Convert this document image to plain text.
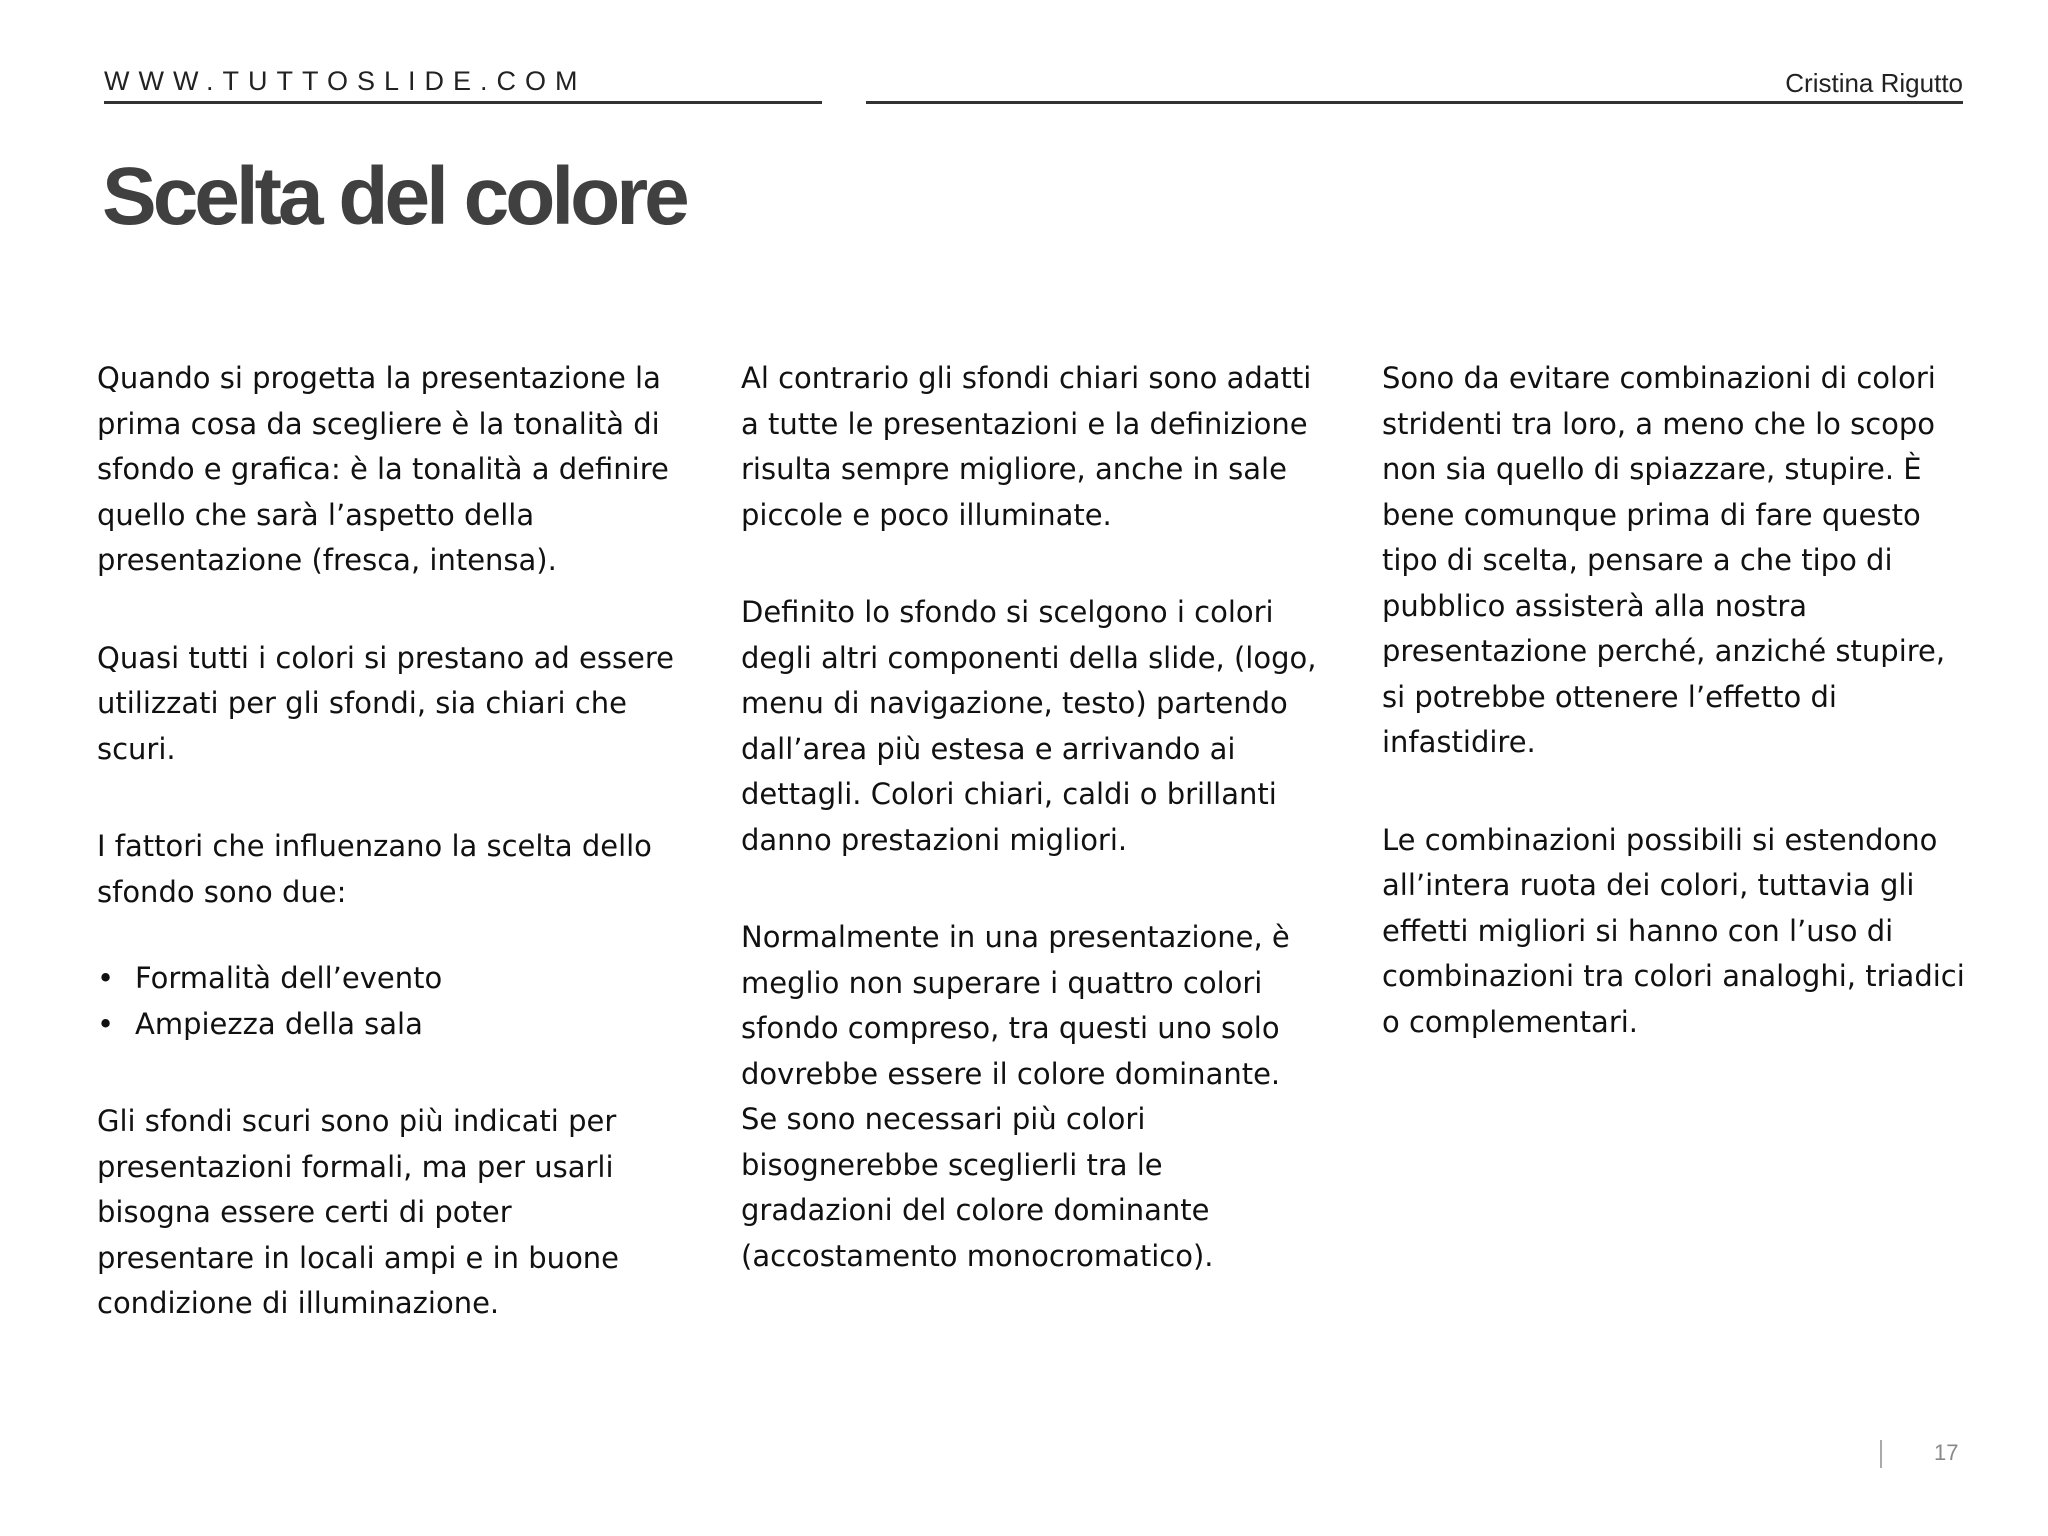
WWW.TUTTOSLIDE.COM	Cristina Rigutto
Scelta del colore

Quando si progetta la presentazione la prima cosa da scegliere è la tonalità di sfondo e grafica: è la tonalità a definire quello che sarà l’aspetto della presentazione (fresca, intensa).

Quasi tutti i colori si prestano ad essere utilizzati per gli sfondi, sia chiari che scuri.

I fattori che influenzano la scelta dello sfondo sono due:

• Formalità dell’evento
• Ampiezza della sala

Gli sfondi scuri sono più indicati per presentazioni formali, ma per usarli bisogna essere certi di poter presentare in locali ampi e in buone condizione di illuminazione.

Al contrario gli sfondi chiari sono adatti a tutte le presentazioni e la definizione risulta sempre migliore, anche in sale piccole e poco illuminate.

Definito lo sfondo si scelgono i colori degli altri componenti della slide, (logo, menu di navigazione, testo) partendo dall’area più estesa e arrivando ai dettagli. Colori chiari, caldi o brillanti danno prestazioni migliori.

Normalmente in una presentazione, è meglio non superare i quattro colori sfondo compreso, tra questi uno solo dovrebbe essere il colore dominante. Se sono necessari più colori bisognerebbe sceglierli tra le gradazioni del colore dominante (accostamento monocromatico).

Sono da evitare combinazioni di colori stridenti tra loro, a meno che lo scopo non sia quello di spiazzare, stupire. È bene comunque prima di fare questo tipo di scelta, pensare a che tipo di pubblico assisterà alla nostra presentazione perché, anziché stupire, si potrebbe ottenere l’effetto di infastidire.

Le combinazioni possibili si estendono all’intera ruota dei colori, tuttavia gli effetti migliori si hanno con l’uso di combinazioni tra colori analoghi, triadici o complementari.

17
